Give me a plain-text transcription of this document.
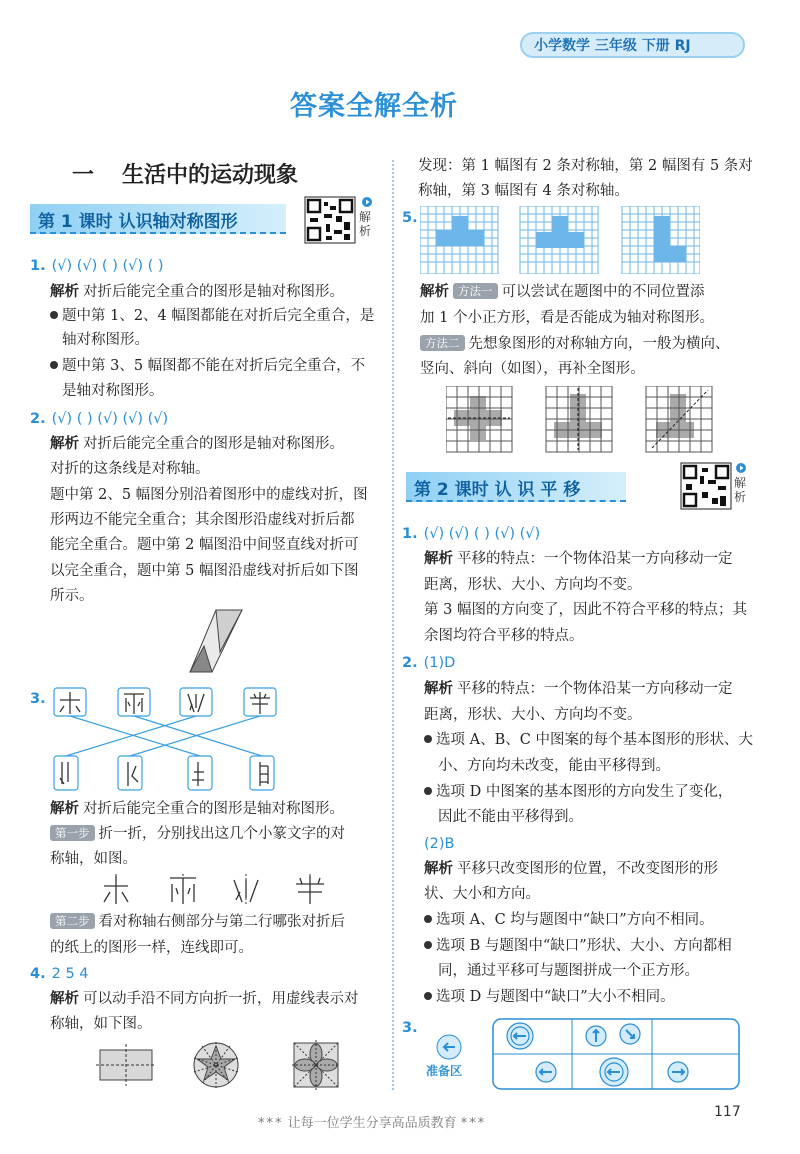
小学数学 三年级 下册 RJ
答案全解全析
一 生活中的运动现象
第 1 课时 认识轴对称图形	解析
1. (√) (√) ( ) (√) ( )
解析 对折后能完全重合的图形是轴对称图形。
题中第 1、2、4 幅图都能在对折后完全重合，是
轴对称图形。
题中第 3、5 幅图都不能在对折后完全重合，不
是轴对称图形。
2. (√) ( ) (√) (√) (√)
解析 对折后能完全重合的图形是轴对称图形。
对折的这条线是对称轴。
题中第 2、5 幅图分别沿着图形中的虚线对折，图
形两边不能完全重合；其余图形沿虚线对折后都
能完全重合。题中第 2 幅图沿中间竖直线对折可
以完全重合，题中第 5 幅图沿虚线对折后如下图
所示。
3.
解析 对折后能完全重合的图形是轴对称图形。
第一步 折一折，分别找出这几个小篆文字的对
称轴，如图。
第二步 看对称轴右侧部分与第二行哪张对折后
的纸上的图形一样，连线即可。
4. 2 5 4
解析 可以动手沿不同方向折一折，用虚线表示对
称轴，如下图。
发现：第 1 幅图有 2 条对称轴，第 2 幅图有 5 条对
称轴，第 3 幅图有 4 条对称轴。
5.
解析 方法一 可以尝试在题图中的不同位置添
加 1 个小正方形，看是否能成为轴对称图形。
方法二 先想象图形的对称轴方向，一般为横向、
竖向、斜向（如图），再补全图形。
第 2 课时 认 识 平 移	解析
1. (√) (√) ( ) (√) (√)
解析 平移的特点：一个物体沿某一方向移动一定
距离，形状、大小、方向均不变。
第 3 幅图的方向变了，因此不符合平移的特点；其
余图均符合平移的特点。
2. (1)D
解析 平移的特点：一个物体沿某一方向移动一定
距离，形状、大小、方向均不变。
选项 A、B、C 中图案的每个基本图形的形状、大
小、方向均未改变，能由平移得到。
选项 D 中图案的基本图形的方向发生了变化，
因此不能由平移得到。
(2)B
解析 平移只改变图形的位置，不改变图形的形
状、大小和方向。
选项 A、C 均与题图中“缺口”方向不相同。
选项 B 与题图中“缺口”形状、大小、方向都相
同，通过平移可与题图拼成一个正方形。
选项 D 与题图中“缺口”大小不相同。
3.
准备区
*** 让每一位学生分享高品质教育 ***
117
